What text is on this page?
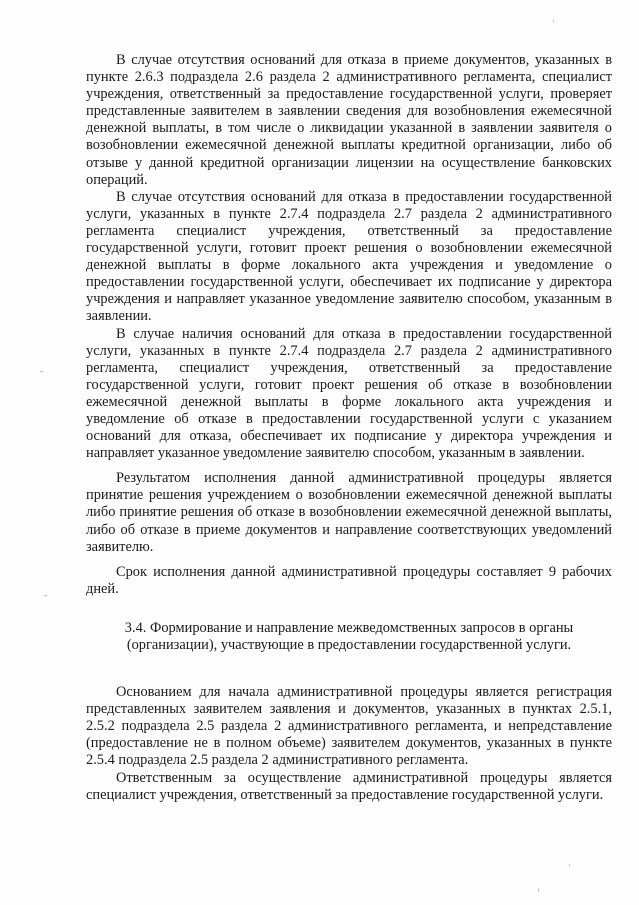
В случае отсутствия оснований для отказа в приеме документов, указанных в пункте 2.6.3 подраздела 2.6 раздела 2 административного регламента, специалист учреждения, ответственный за предоставление государственной услуги, проверяет представленные заявителем в заявлении сведения для возобновления ежемесячной денежной выплаты, в том числе о ликвидации указанной в заявлении заявителя о возобновлении ежемесячной денежной выплаты кредитной организации, либо об отзыве у данной кредитной организации лицензии на осуществление банковских операций.

В случае отсутствия оснований для отказа в предоставлении государственной услуги, указанных в пункте 2.7.4 подраздела 2.7 раздела 2 административного регламента специалист учреждения, ответственный за предоставление государственной услуги, готовит проект решения о возобновлении ежемесячной денежной выплаты в форме локального акта учреждения и уведомление о предоставлении государственной услуги, обеспечивает их подписание у директора учреждения и направляет указанное уведомление заявителю способом, указанным в заявлении.

В случае наличия оснований для отказа в предоставлении государственной услуги, указанных в пункте 2.7.4 подраздела 2.7 раздела 2 административного регламента, специалист учреждения, ответственный за предоставление государственной услуги, готовит проект решения об отказе в возобновлении ежемесячной денежной выплаты в форме локального акта учреждения и уведомление об отказе в предоставлении государственной услуги с указанием оснований для отказа, обеспечивает их подписание у директора учреждения и направляет указанное уведомление заявителю способом, указанным в заявлении.

Результатом исполнения данной административной процедуры является принятие решения учреждением о возобновлении ежемесячной денежной выплаты либо принятие решения об отказе в возобновлении ежемесячной денежной выплаты, либо об отказе в приеме документов и направление соответствующих уведомлений заявителю.

Срок исполнения данной административной процедуры составляет 9 рабочих дней.

3.4. Формирование и направление межведомственных запросов в органы (организации), участвующие в предоставлении государственной услуги.

Основанием для начала административной процедуры является регистрация представленных заявителем заявления и документов, указанных в пунктах 2.5.1, 2.5.2 подраздела 2.5 раздела 2 административного регламента, и непредставление (предоставление не в полном объеме) заявителем документов, указанных в пункте 2.5.4 подраздела 2.5 раздела 2 административного регламента.

Ответственным за осуществление административной процедуры является специалист учреждения, ответственный за предоставление государственной услуги.

·
-
-
·
ᵢ
